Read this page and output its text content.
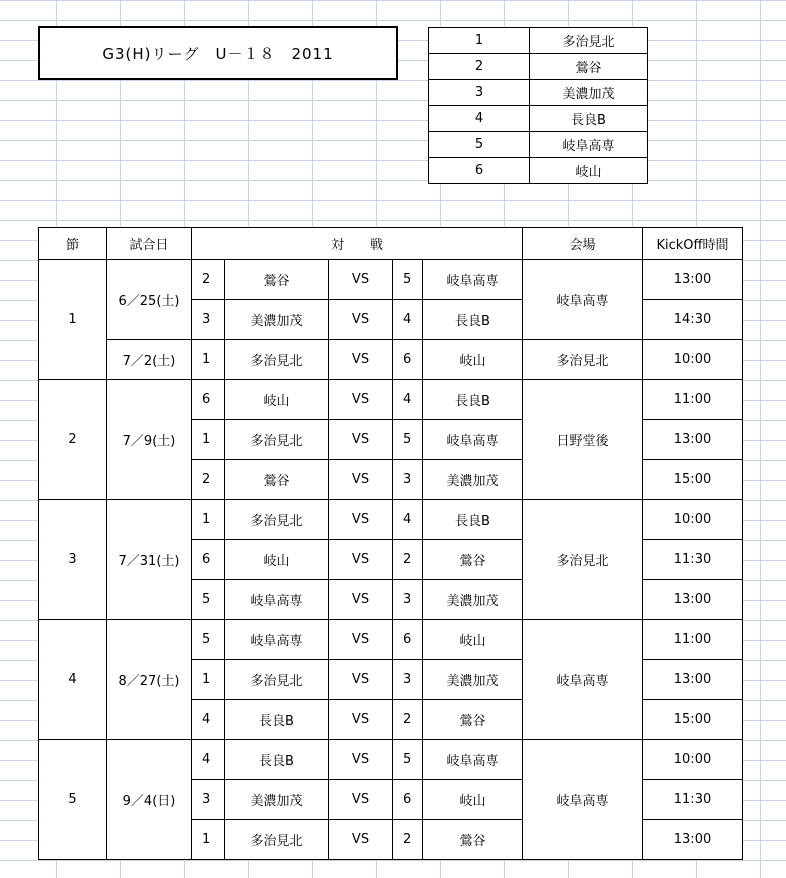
G3(H)リーグ　U－１８　2011
1	多治見北
2	鶯谷
3	美濃加茂
4	長良B
5	岐阜高専
6	岐山
節	試合日	対　　戦					会場	KickOff時間
1	6／25(土)	2	鶯谷	VS	5	岐阜高専	岐阜高専	13:00
		3	美濃加茂	VS	4	長良B		14:30
	7／2(土)	1	多治見北	VS	6	岐山	多治見北	10:00
2	7／9(土)	6	岐山	VS	4	長良B	日野堂後	11:00
		1	多治見北	VS	5	岐阜高専		13:00
		2	鶯谷	VS	3	美濃加茂		15:00
3	7／31(土)	1	多治見北	VS	4	長良B	多治見北	10:00
		6	岐山	VS	2	鶯谷		11:30
		5	岐阜高専	VS	3	美濃加茂		13:00
4	8／27(土)	5	岐阜高専	VS	6	岐山	岐阜高専	11:00
		1	多治見北	VS	3	美濃加茂		13:00
		4	長良B	VS	2	鶯谷		15:00
5	9／4(日)	4	長良B	VS	5	岐阜高専	岐阜高専	10:00
		3	美濃加茂	VS	6	岐山		11:30
		1	多治見北	VS	2	鶯谷		13:00
